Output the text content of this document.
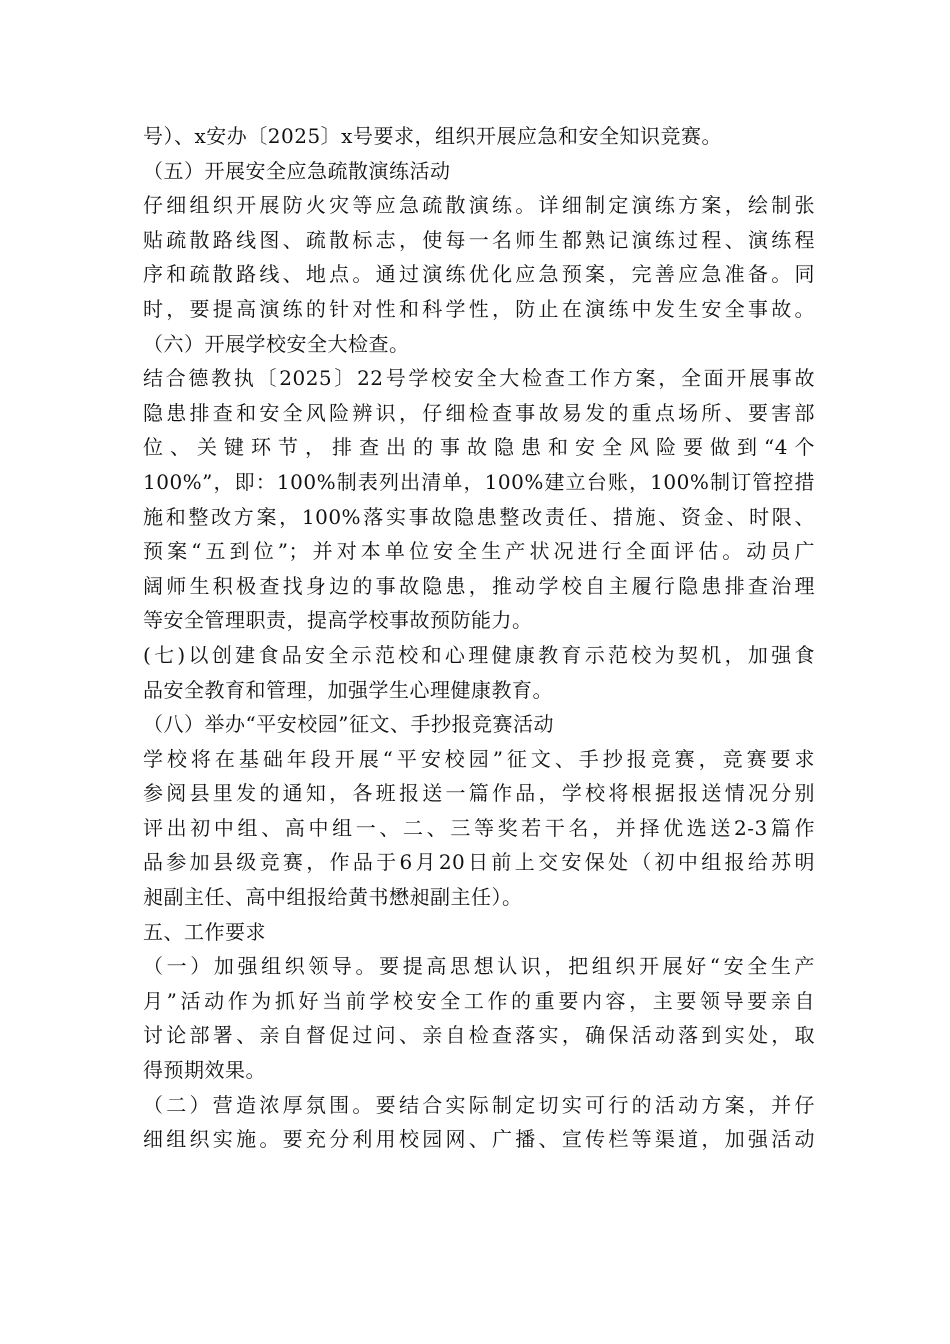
号）、x安办〔2025〕x号要求，组织开展应急和安全知识竞赛。
（五）开展安全应急疏散演练活动
仔细组织开展防火灾等应急疏散演练。详细制定演练方案，绘制张
贴疏散路线图、疏散标志，使每一名师生都熟记演练过程、演练程
序和疏散路线、地点。通过演练优化应急预案，完善应急准备。同
时，要提高演练的针对性和科学性，防止在演练中发生安全事故。
（六）开展学校安全大检查。
结合德教执〔2025〕22号学校安全大检查工作方案，全面开展事故
隐患排查和安全风险辨识，仔细检查事故易发的重点场所、要害部
位、关键环节，排查出的事故隐患和安全风险要做到“4个
100%”，即：100%制表列出清单，100%建立台账，100%制订管控措
施和整改方案，100%落实事故隐患整改责任、措施、资金、时限、
预案“五到位”；并对本单位安全生产状况进行全面评估。动员广
阔师生积极查找身边的事故隐患，推动学校自主履行隐患排查治理
等安全管理职责，提高学校事故预防能力。
(七)以创建食品安全示范校和心理健康教育示范校为契机，加强食
品安全教育和管理，加强学生心理健康教育。
（八）举办“平安校园”征文、手抄报竞赛活动
学校将在基础年段开展“平安校园”征文、手抄报竞赛，竞赛要求
参阅县里发的通知，各班报送一篇作品，学校将根据报送情况分别
评出初中组、高中组一、二、三等奖若干名，并择优选送2-3篇作
品参加县级竞赛，作品于6月20日前上交安保处（初中组报给苏明
昶副主任、高中组报给黄书懋昶副主任）。
五、工作要求
（一）加强组织领导。要提高思想认识，把组织开展好“安全生产
月”活动作为抓好当前学校安全工作的重要内容，主要领导要亲自
讨论部署、亲自督促过问、亲自检查落实，确保活动落到实处，取
得预期效果。
（二）营造浓厚氛围。要结合实际制定切实可行的活动方案，并仔
细组织实施。要充分利用校园网、广播、宣传栏等渠道，加强活动
